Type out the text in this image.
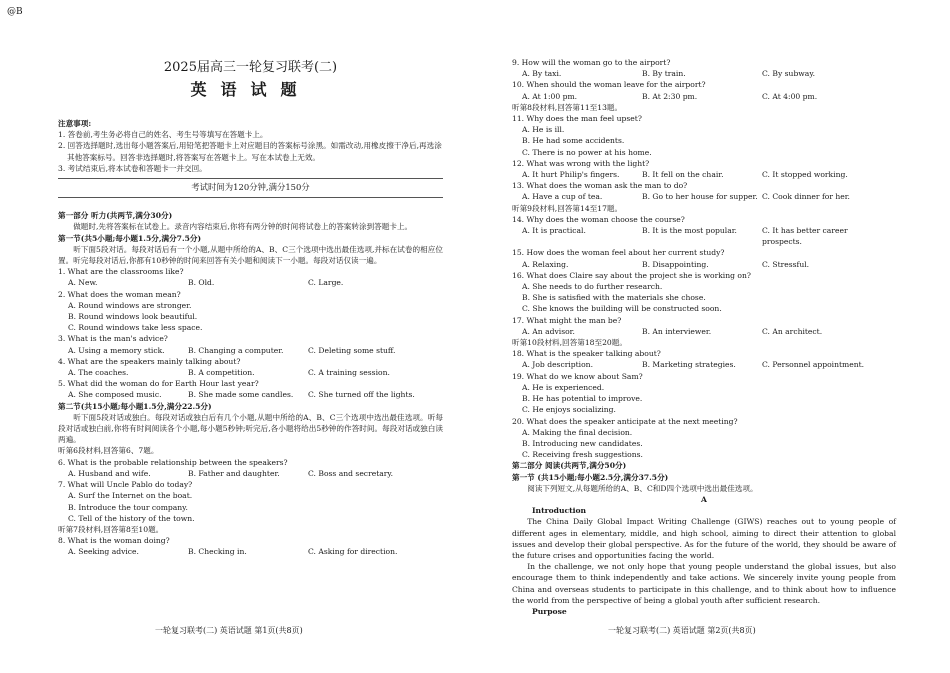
@B
2025届高三一轮复习联考(二)
英语试题
注意事项:

1. 答卷前,考生务必将自己的姓名、考生号等填写在答题卡上。

2. 回答选择题时,选出每小题答案后,用铅笔把答题卡上对应题目的答案标号涂黑。如需改动,用橡皮擦干净后,再选涂其他答案标号。回答非选择题时,将答案写在答题卡上。写在本试卷上无效。

3. 考试结束后,将本试卷和答题卡一并交回。

考试时间为120分钟,满分150分
第一部分 听力(共两节,满分30分)

做题时,先将答案标在试卷上。录音内容结束后,你将有两分钟的时间将试卷上的答案转涂到答题卡上。

第一节(共5小题;每小题1.5分,满分7.5分)

听下面5段对话。每段对话后有一个小题,从题中所给的A、B、C三个选项中选出最佳选项,并标在试卷的相应位置。听完每段对话后,你都有10秒钟的时间来回答有关小题和阅读下一小题。每段对话仅读一遍。

1. What are the classrooms like?

A. New.	B. Old.	C. Large.

2. What does the woman mean?

A. Round windows are stronger.

B. Round windows look beautiful.

C. Round windows take less space.

3. What is the man's advice?

A. Using a memory stick.	B. Changing a computer.	C. Deleting some stuff.

4. What are the speakers mainly talking about?

A. The coaches.	B. A competition.	C. A training session.

5. What did the woman do for Earth Hour last year?

A. She composed music.	B. She made some candles.	C. She turned off the lights.
第二节(共15小题;每小题1.5分,满分22.5分)

听下面5段对话或独白。每段对话或独白后有几个小题,从题中所给的A、B、C三个选项中选出最佳选项。听每段对话或独白前,你将有时间阅读各个小题,每小题5秒钟;听完后,各小题将给出5秒钟的作答时间。每段对话或独白读两遍。

听第6段材料,回答第6、7题。

6. What is the probable relationship between the speakers?

A. Husband and wife.	B. Father and daughter.	C. Boss and secretary.

7. What will Uncle Pablo do today?

A. Surf the Internet on the boat.

B. Introduce the tour company.

C. Tell of the history of the town.

听第7段材料,回答第8至10题。

8. What is the woman doing?

A. Seeking advice.	B. Checking in.	C. Asking for direction.

9. How will the woman go to the airport?

A. By taxi.	B. By train.	C. By subway.

10. When should the woman leave for the airport?

A. At 1:00 pm.	B. At 2:30 pm.	C. At 4:00 pm.

听第8段材料,回答第11至13题。

11. Why does the man feel upset?

A. He is ill.

B. He had some accidents.

C. There is no power at his home.

12. What was wrong with the light?

A. It hurt Philip's fingers.	B. It fell on the chair.	C. It stopped working.

13. What does the woman ask the man to do?

A. Have a cup of tea.	B. Go to her house for supper. C. Cook dinner for her.

听第9段材料,回答第14至17题。

14. Why does the woman choose the course?

A. It is practical.	B. It is the most popular.	C. It has better career prospects.

15. How does the woman feel about her current study?

A. Relaxing.	B. Disappointing.	C. Stressful.

16. What does Claire say about the project she is working on?

A. She needs to do further research.

B. She is satisfied with the materials she chose.

C. She knows the building will be constructed soon.

17. What might the man be?

A. An advisor.	B. An interviewer.	C. An architect.

听第10段材料,回答第18至20题。

18. What is the speaker talking about?

A. Job description.	B. Marketing strategies.	C. Personnel appointment.

19. What do we know about Sam?

A. He is experienced.

B. He has potential to improve.

C. He enjoys socializing.

20. What does the speaker anticipate at the next meeting?

A. Making the final decision.

B. Introducing new candidates.

C. Receiving fresh suggestions.

第二部分 阅读(共两节,满分50分)
第一节 (共15小题;每小题2.5分,满分37.5分)

阅读下列短文,从每题所给的A、B、C和D四个选项中选出最佳选项。

A
Introduction

The China Daily Global Impact Writing Challenge (GIWS) reaches out to young people of different ages in elementary, middle, and high school, aiming to direct their attention to global issues and develop their global perspective. As for the future of the world, they should be aware of the future crises and opportunities facing the world.

In the challenge, we not only hope that young people understand the global issues, but also encourage them to think independently and take actions. We sincerely invite young people from China and overseas students to participate in this challenge, and to think about how to influence the world from the perspective of being a global youth after sufficient research.

Purpose
一轮复习联考(二) 英语试题 第1页(共8页)	一轮复习联考(二) 英语试题 第2页(共8页)
